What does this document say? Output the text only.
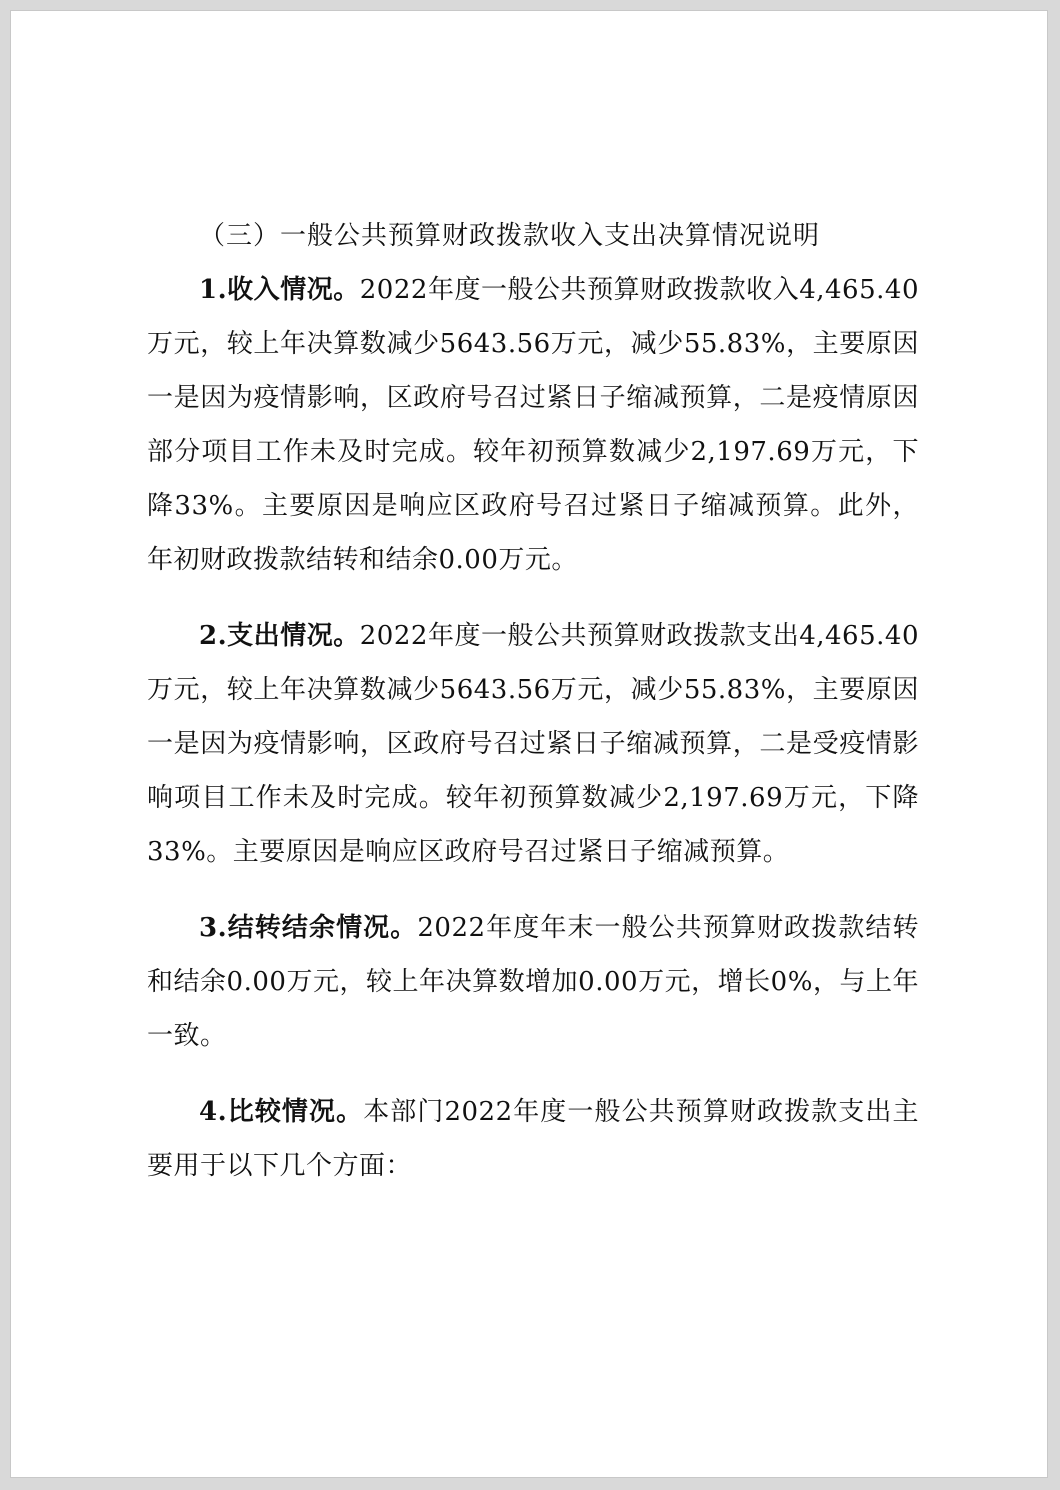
（三）一般公共预算财政拨款收入支出决算情况说明

1.收入情况。2022年度一般公共预算财政拨款收入4,465.40万元，较上年决算数减少5643.56万元，减少55.83%，主要原因一是因为疫情影响，区政府号召过紧日子缩减预算，二是疫情原因部分项目工作未及时完成。较年初预算数减少2,197.69万元，下降33%。主要原因是响应区政府号召过紧日子缩减预算。此外，年初财政拨款结转和结余0.00万元。

2.支出情况。2022年度一般公共预算财政拨款支出4,465.40万元，较上年决算数减少5643.56万元，减少55.83%，主要原因一是因为疫情影响，区政府号召过紧日子缩减预算，二是受疫情影响项目工作未及时完成。较年初预算数减少2,197.69万元，下降33%。主要原因是响应区政府号召过紧日子缩减预算。

3.结转结余情况。2022年度年末一般公共预算财政拨款结转和结余0.00万元，较上年决算数增加0.00万元，增长0%，与上年一致。

4.比较情况。本部门2022年度一般公共预算财政拨款支出主要用于以下几个方面：
